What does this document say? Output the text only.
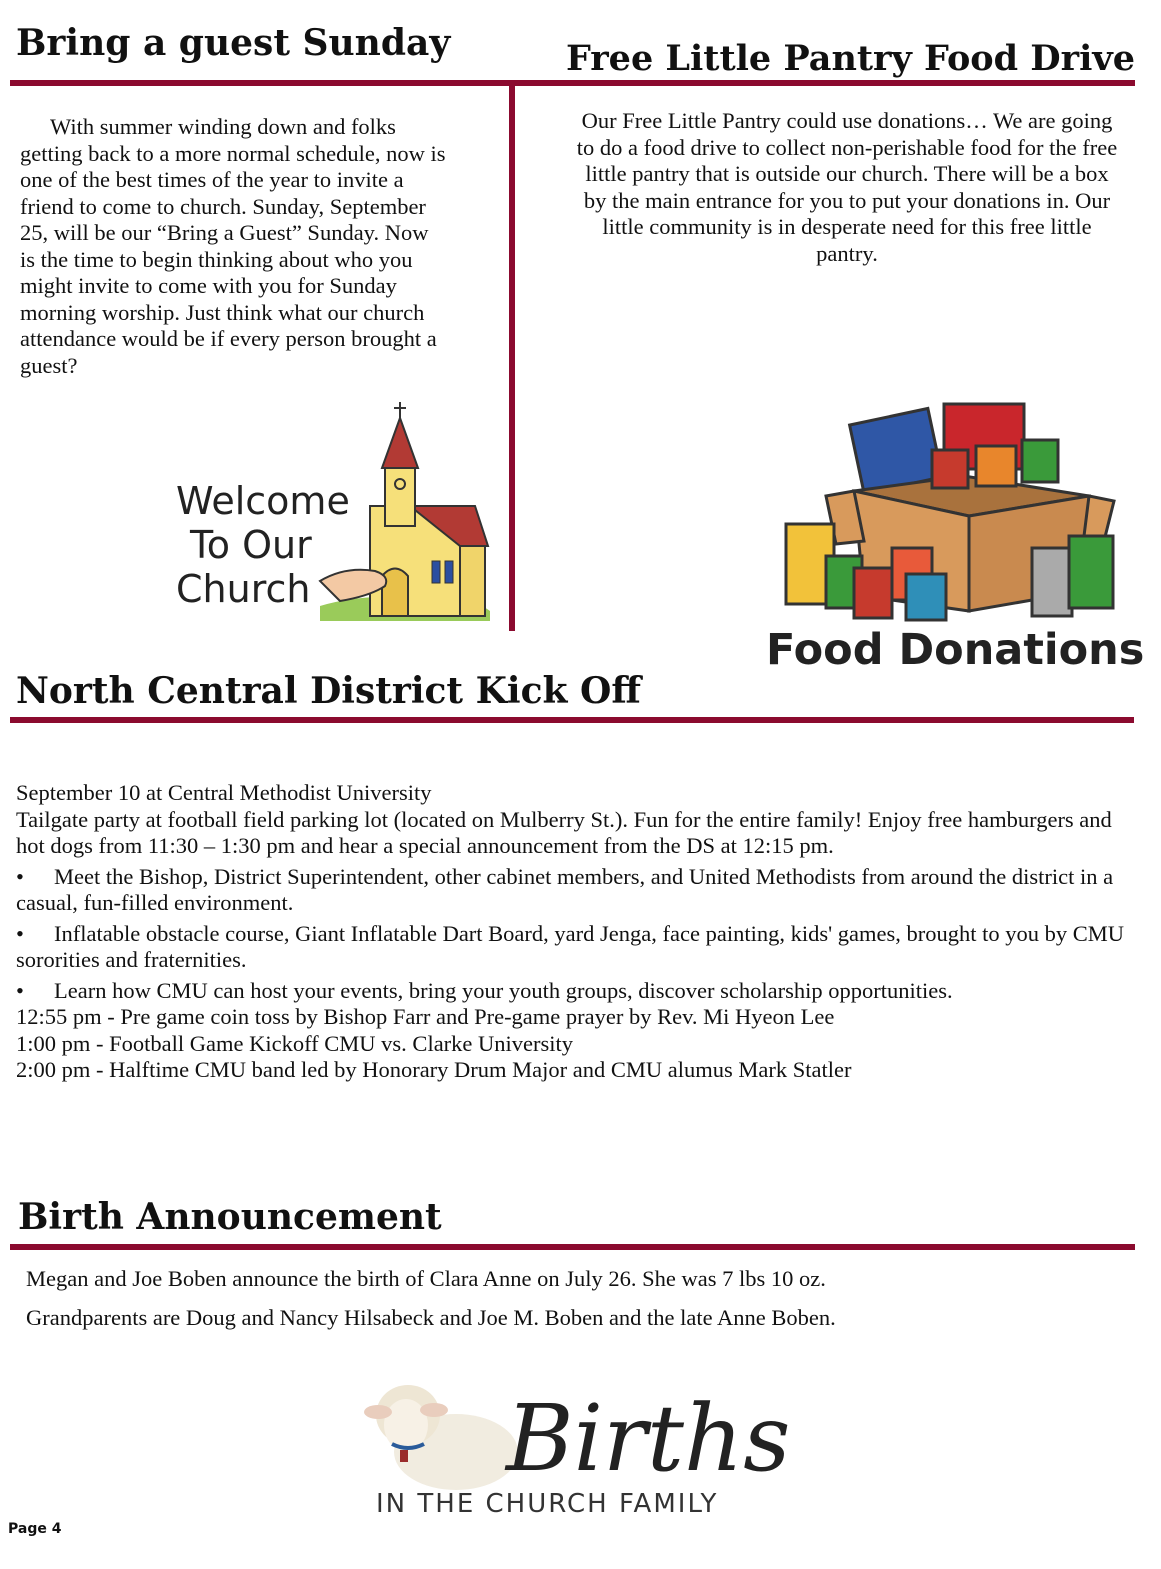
Bring a guest Sunday	Free Little Pantry Food Drive

With summer winding down and folks getting back to a more normal schedule, now is one of the best times of the year to invite a friend to come to church. Sunday, September 25, will be our “Bring a Guest” Sunday. Now is the time to begin thinking about who you might invite to come with you for Sunday morning worship. Just think what our church attendance would be if every person brought a guest?

Our Free Little Pantry could use donations… We are going to do a food drive to collect non-perishable food for the free little pantry that is outside our church. There will be a box by the main entrance for you to put your donations in. Our little community is in desperate need for this free little pantry.

Welcome
To Our
Church
Food Donations
North Central District Kick Off

September 10 at Central Methodist University

Tailgate party at football field parking lot (located on Mulberry St.). Fun for the entire family! Enjoy free hamburgers and hot dogs from 11:30 – 1:30 pm and hear a special announcement from the DS at 12:15 pm.

• Meet the Bishop, District Superintendent, other cabinet members, and United Methodists from around the district in a casual, fun-filled environment.
• Inflatable obstacle course, Giant Inflatable Dart Board, yard Jenga, face painting, kids' games, brought to you by CMU sororities and fraternities.
• Learn how CMU can host your events, bring your youth groups, discover scholarship opportunities.

12:55 pm - Pre game coin toss by Bishop Farr and Pre-game prayer by Rev. Mi Hyeon Lee

1:00 pm - Football Game Kickoff CMU vs. Clarke University

2:00 pm - Halftime CMU band led by Honorary Drum Major and CMU alumus Mark Statler

Birth Announcement
Megan and Joe Boben announce the birth of Clara Anne on July 26. She was 7 lbs 10 oz.
Grandparents are Doug and Nancy Hilsabeck and Joe M. Boben and the late Anne Boben.
Births
IN THE CHURCH FAMILY
Page 4
